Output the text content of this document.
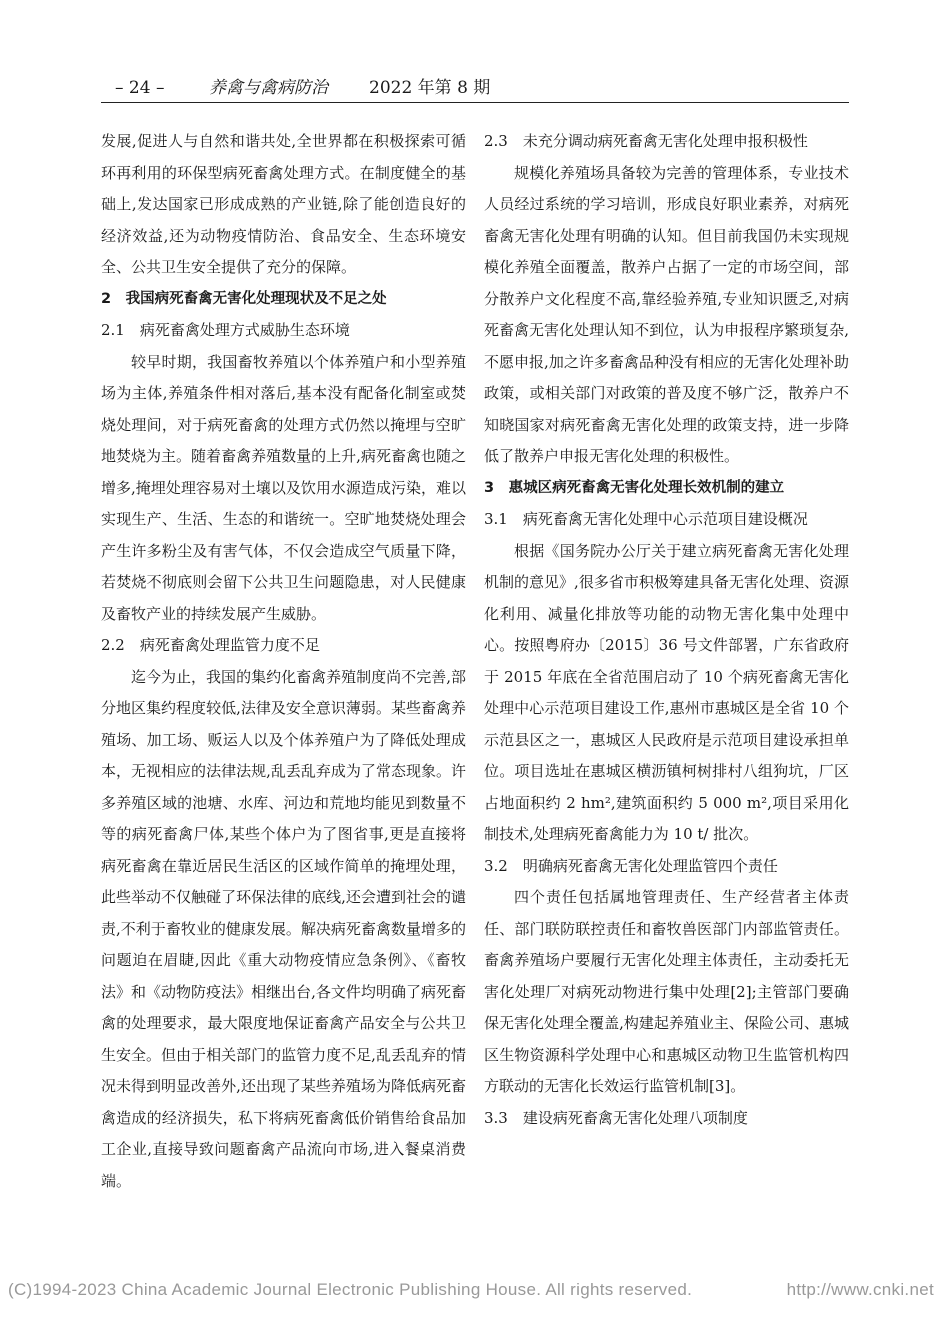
– 24 –	养禽与禽病防治 2022 年第 8 期

发展,促进人与自然和谐共处,全世界都在积极探索可循环再利用的环保型病死畜禽处理方式。在制度健全的基础上,发达国家已形成成熟的产业链,除了能创造良好的经济效益,还为动物疫情防治、食品安全、生态环境安全、公共卫生安全提供了充分的保障。

2　我国病死畜禽无害化处理现状及不足之处

2.1　病死畜禽处理方式威胁生态环境

较早时期，我国畜牧养殖以个体养殖户和小型养殖场为主体,养殖条件相对落后,基本没有配备化制室或焚烧处理间，对于病死畜禽的处理方式仍然以掩埋与空旷地焚烧为主。随着畜禽养殖数量的上升,病死畜禽也随之增多,掩埋处理容易对土壤以及饮用水源造成污染，难以实现生产、生活、生态的和谐统一。空旷地焚烧处理会产生许多粉尘及有害气体，不仅会造成空气质量下降，若焚烧不彻底则会留下公共卫生问题隐患，对人民健康及畜牧产业的持续发展产生威胁。

2.2　病死畜禽处理监管力度不足

迄今为止，我国的集约化畜禽养殖制度尚不完善,部分地区集约程度较低,法律及安全意识薄弱。某些畜禽养殖场、加工场、贩运人以及个体养殖户为了降低处理成本，无视相应的法律法规,乱丢乱弃成为了常态现象。许多养殖区域的池塘、水库、河边和荒地均能见到数量不等的病死畜禽尸体,某些个体户为了图省事,更是直接将病死畜禽在靠近居民生活区的区域作简单的掩埋处理，此些举动不仅触碰了环保法律的底线,还会遭到社会的谴责,不利于畜牧业的健康发展。解决病死畜禽数量增多的问题迫在眉睫,因此《重大动物疫情应急条例》、《畜牧法》和《动物防疫法》相继出台,各文件均明确了病死畜禽的处理要求，最大限度地保证畜禽产品安全与公共卫生安全。但由于相关部门的监管力度不足,乱丢乱弃的情况未得到明显改善外,还出现了某些养殖场为降低病死畜禽造成的经济损失，私下将病死畜禽低价销售给食品加工企业,直接导致问题畜禽产品流向市场,进入餐桌消费端。

2.3　未充分调动病死畜禽无害化处理申报积极性

规模化养殖场具备较为完善的管理体系，专业技术人员经过系统的学习培训，形成良好职业素养，对病死畜禽无害化处理有明确的认知。但目前我国仍未实现规模化养殖全面覆盖，散养户占据了一定的市场空间，部分散养户文化程度不高,靠经验养殖,专业知识匮乏,对病死畜禽无害化处理认知不到位，认为申报程序繁琐复杂,不愿申报,加之许多畜禽品种没有相应的无害化处理补助政策，或相关部门对政策的普及度不够广泛，散养户不知晓国家对病死畜禽无害化处理的政策支持，进一步降低了散养户申报无害化处理的积极性。

3　惠城区病死畜禽无害化处理长效机制的建立

3.1　病死畜禽无害化处理中心示范项目建设概况

根据《国务院办公厅关于建立病死畜禽无害化处理机制的意见》,很多省市积极筹建具备无害化处理、资源化利用、减量化排放等功能的动物无害化集中处理中心。按照粤府办〔2015〕36 号文件部署，广东省政府于 2015 年底在全省范围启动了 10 个病死畜禽无害化处理中心示范项目建设工作,惠州市惠城区是全省 10 个示范县区之一，惠城区人民政府是示范项目建设承担单位。项目选址在惠城区横沥镇柯树排村八组狗坑，厂区占地面积约 2 hm²,建筑面积约 5 000 m²,项目采用化制技术,处理病死畜禽能力为 10 t/ 批次。

3.2　明确病死畜禽无害化处理监管四个责任

四个责任包括属地管理责任、生产经营者主体责任、部门联防联控责任和畜牧兽医部门内部监管责任。畜禽养殖场户要履行无害化处理主体责任，主动委托无害化处理厂对病死动物进行集中处理[2];主管部门要确保无害化处理全覆盖,构建起养殖业主、保险公司、惠城区生物资源科学处理中心和惠城区动物卫生监管机构四方联动的无害化长效运行监管机制[3]。

3.3　建设病死畜禽无害化处理八项制度

(C)1994-2023 China Academic Journal Electronic Publishing House. All rights reserved.	http://www.cnki.net
